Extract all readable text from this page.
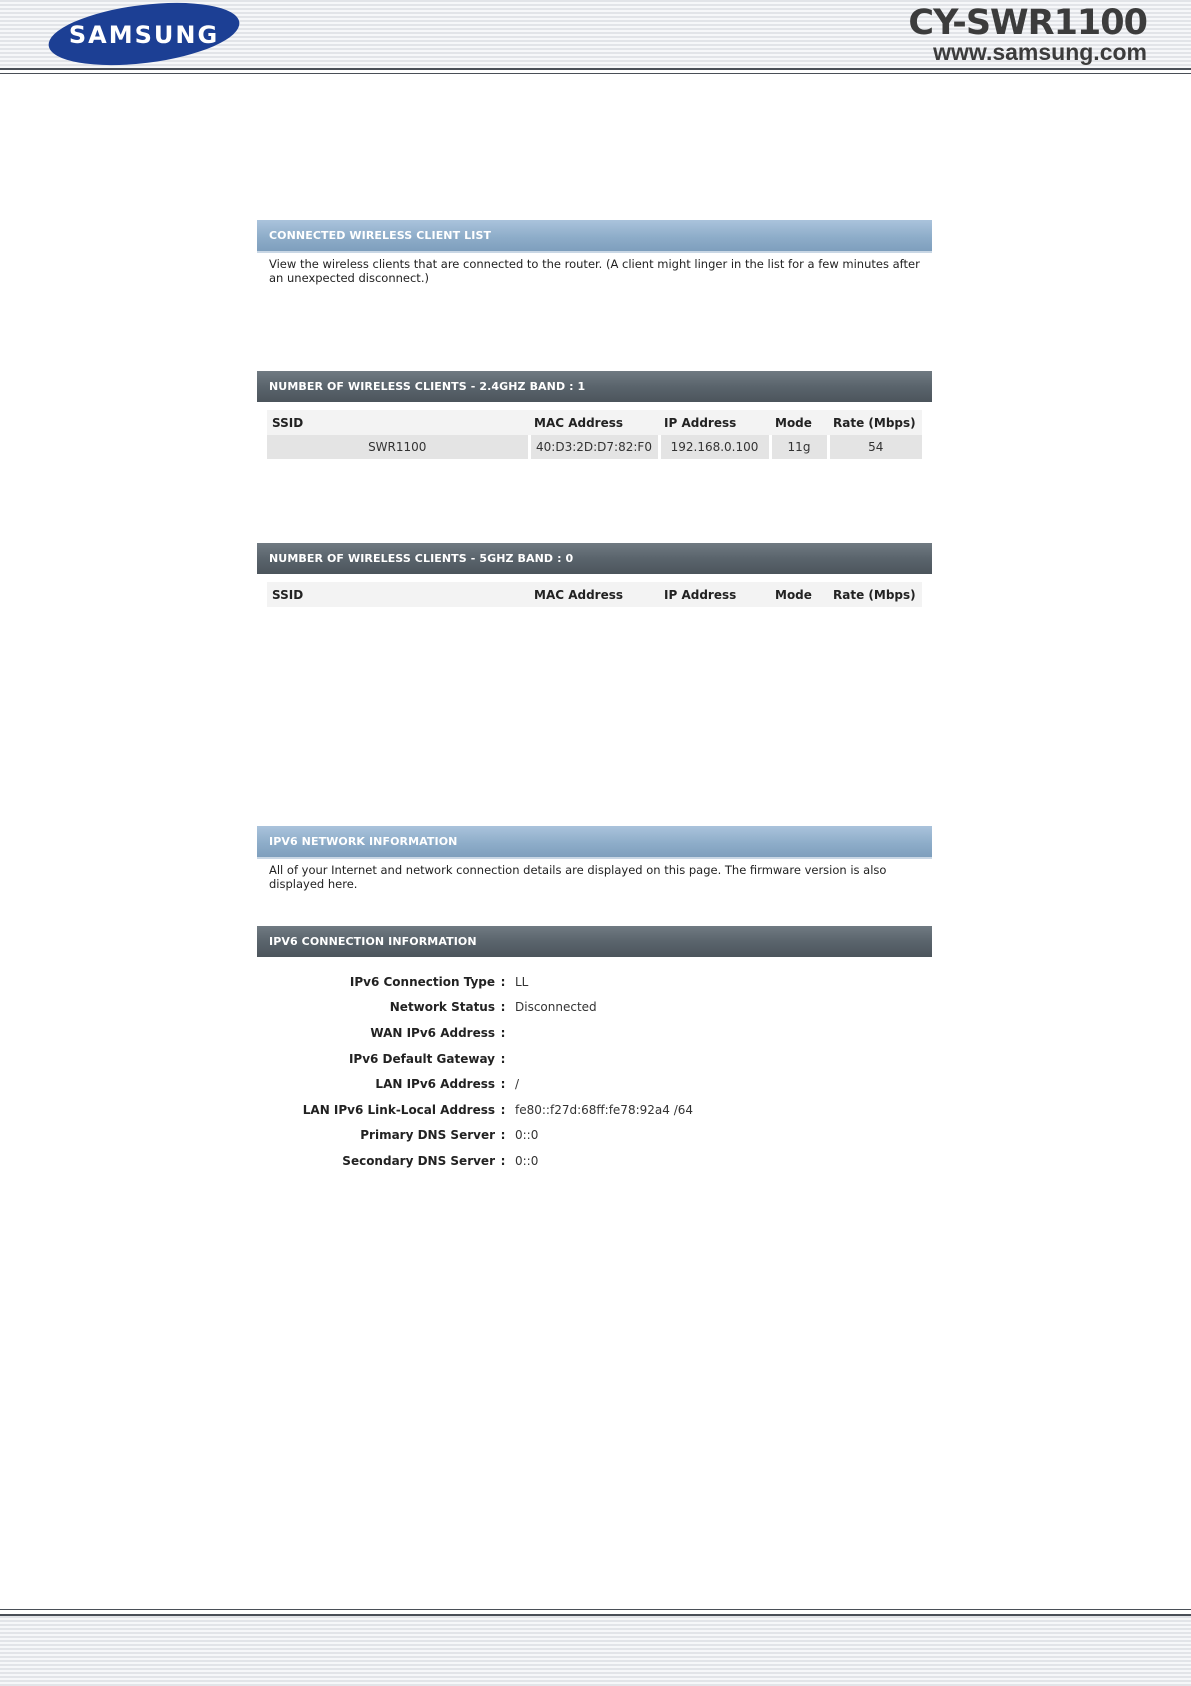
SAMSUNG	CY-SWR1100
www.samsung.com
CONNECTED WIRELESS CLIENT LIST
View the wireless clients that are connected to the router. (A client might linger in the list for a few minutes after an unexpected disconnect.)
NUMBER OF WIRELESS CLIENTS - 2.4GHZ BAND : 1
SSID	MAC Address	IP Address	Mode	Rate (Mbps)
SWR1100	40:D3:2D:D7:82:F0	192.168.0.100	11g	54
NUMBER OF WIRELESS CLIENTS - 5GHZ BAND : 0
SSID	MAC Address	IP Address	Mode	Rate (Mbps)
IPV6 NETWORK INFORMATION
All of your Internet and network connection details are displayed on this page. The firmware version is also displayed here.
IPV6 CONNECTION INFORMATION
IPv6 Connection Type : LL
Network Status : Disconnected
WAN IPv6 Address :
IPv6 Default Gateway :
LAN IPv6 Address : /
LAN IPv6 Link-Local Address : fe80::f27d:68ff:fe78:92a4 /64
Primary DNS Server : 0::0
Secondary DNS Server : 0::0
